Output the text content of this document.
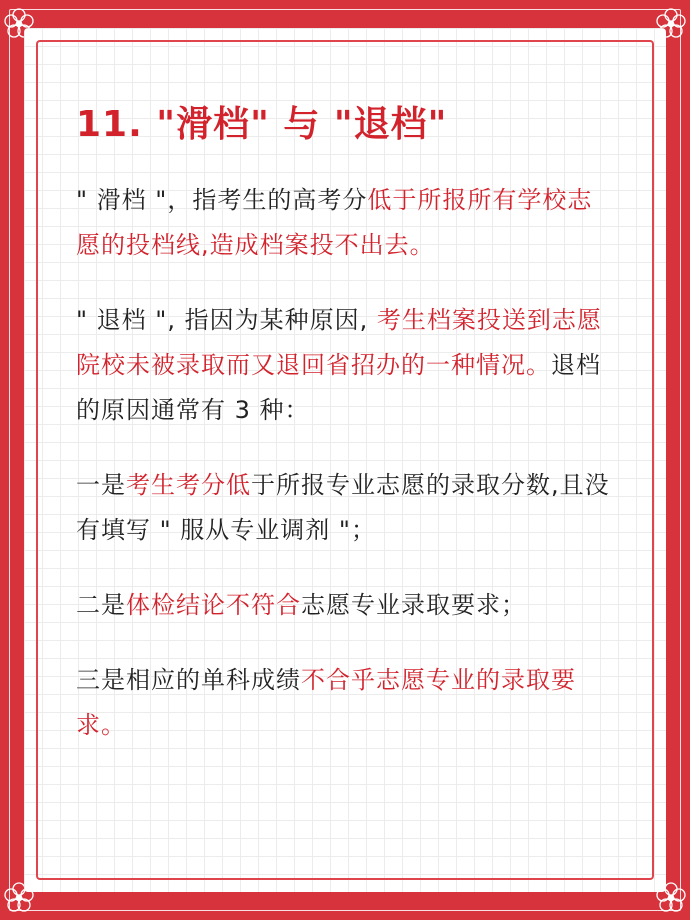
11. "滑档" 与 "退档"

" 滑档 "，指考生的高考分低于所报所有学校志愿的投档线,造成档案投不出去。

" 退档 ", 指因为某种原因, 考生档案投送到志愿院校未被录取而又退回省招办的一种情况。退档的原因通常有 3 种：

一是考生考分低于所报专业志愿的录取分数,且没有填写 " 服从专业调剂 "；

二是体检结论不符合志愿专业录取要求；

三是相应的单科成绩不合乎志愿专业的录取要求。
